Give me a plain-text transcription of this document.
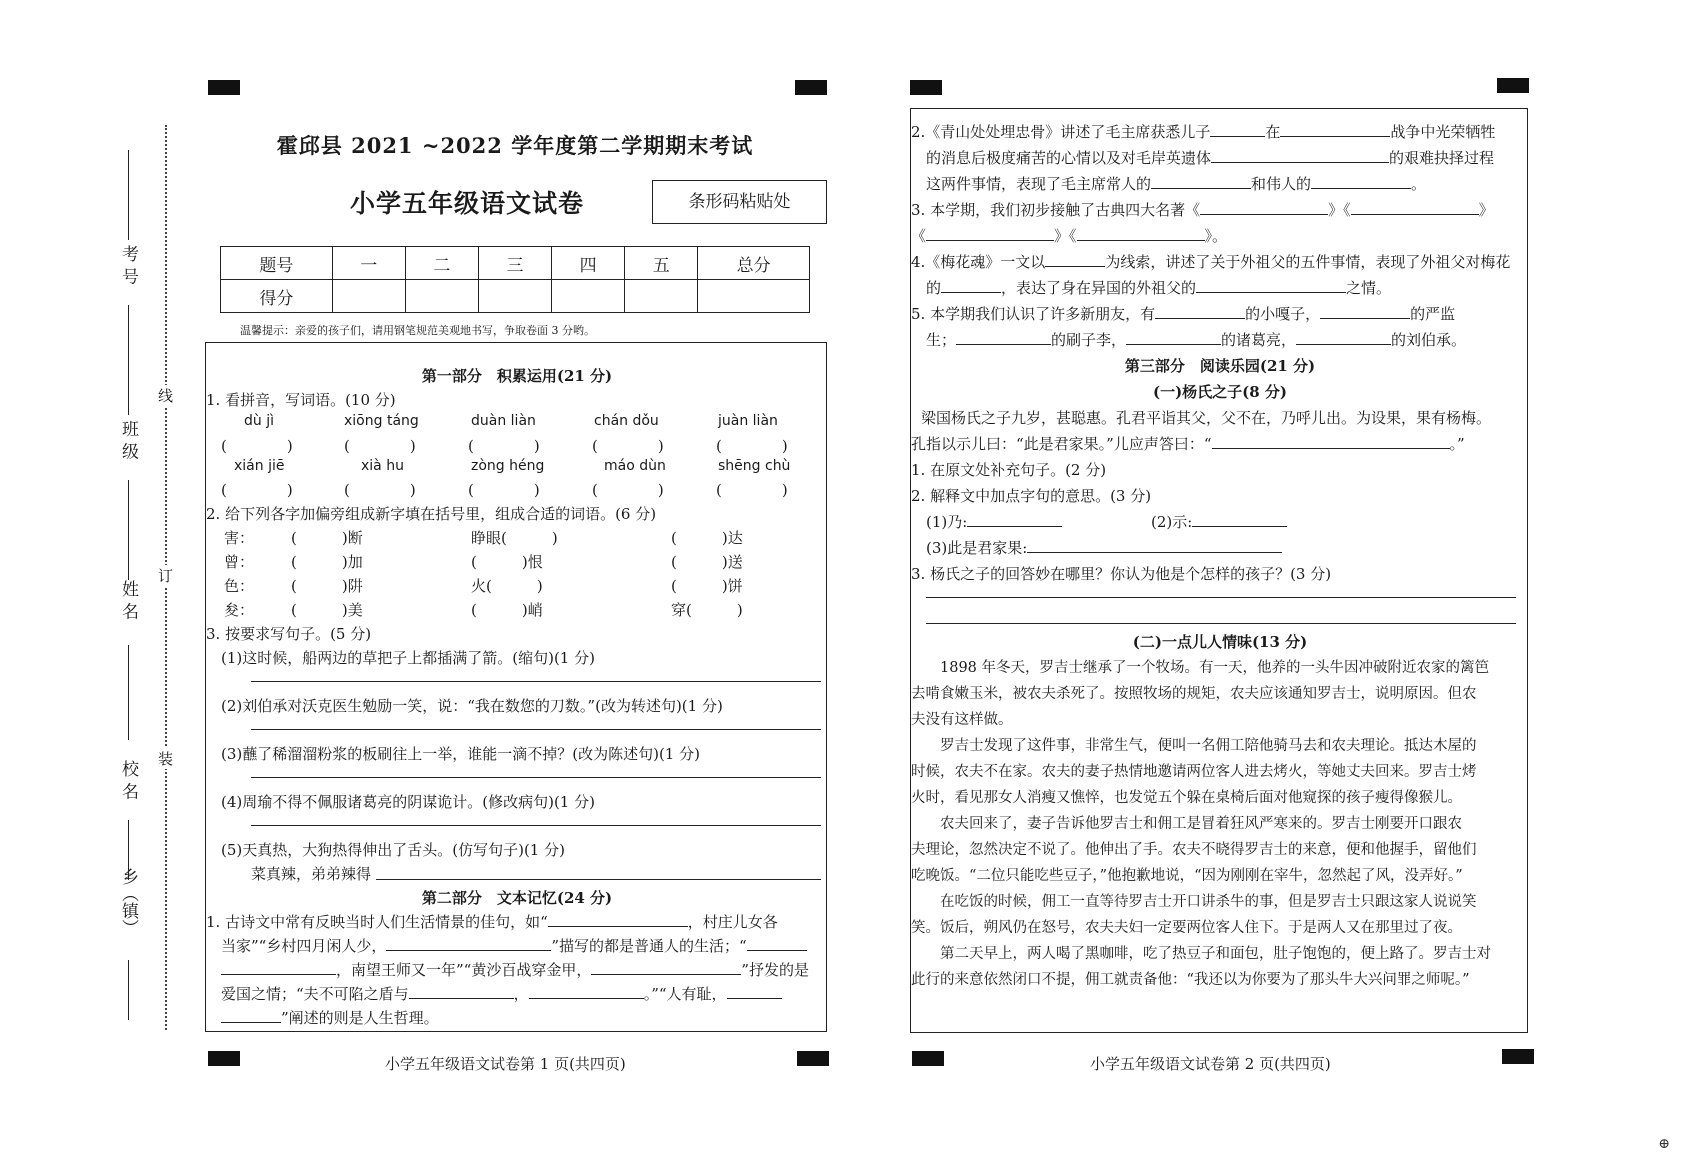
考 号
班 级
姓 名
校 名
乡（镇）
线
订
装
霍邱县 2021 ~2022 学年度第二学期期末考试
小学五年级语文试卷	条形码粘贴处
题号	一	二	三	四	五	总分
得分						
温馨提示：亲爱的孩子们，请用钢笔规范美观地书写，争取卷面 3 分哟。
第一部分　积累运用(21 分)
1. 看拼音，写词语。(10 分)
dù jì	xiōng táng	duàn liàn	chán dǒu	juàn liàn
(　　　　)	(　　　　)	(　　　　)	(　　　　)	(　　　　)
xián jiē	xià hu	zòng héng	máo dùn	shēng chù
(　　　　)	(　　　　)	(　　　　)	(　　　　)	(　　　　)
2. 给下列各字加偏旁组成新字填在括号里，组成合适的词语。(6 分)
害： (　　　)断	睁眼(　　　)	(　　　)达
曾： (　　　)加	(　　　)恨	(　　　)送
色： (　　　)阱	火(　　　)	(　　　)饼
夋： (　　　)美	(　　　)峭	穿(　　　)
3. 按要求写句子。(5 分)
(1)这时候，船两边的草把子上都插满了箭。(缩句)(1 分)
(2)刘伯承对沃克医生勉励一笑，说：“我在数您的刀数。”(改为转述句)(1 分)
(3)蘸了稀溜溜粉浆的板刷往上一举，谁能一滴不掉？(改为陈述句)(1 分)
(4)周瑜不得不佩服诸葛亮的阴谋诡计。(修改病句)(1 分)
(5)天真热，大狗热得伸出了舌头。(仿写句子)(1 分)
菜真辣，弟弟辣得
第二部分　文本记忆(24 分)
1. 古诗文中常有反映当时人们生活情景的佳句，如“	，村庄儿女各
当家”“乡村四月闲人少，	”描写的都是普通人的生活；“
，南望王师又一年”“黄沙百战穿金甲，	”抒发的是
爱国之情；“夫不可陷之盾与	，	。”“人有耻，
”阐述的则是人生哲理。
小学五年级语文试卷第 1 页(共四页)
2.《青山处处埋忠骨》讲述了毛主席获悉儿子	在	战争中光荣牺牲
的消息后极度痛苦的心情以及对毛岸英遗体	的艰难抉择过程
这两件事情，表现了毛主席常人的	和伟人的	。
3. 本学期，我们初步接触了古典四大名著《	》《	》
《	》《	》。
4.《梅花魂》一文以	为线索，讲述了关于外祖父的五件事情，表现了外祖父对梅花
的	，表达了身在异国的外祖父的	之情。
5. 本学期我们认识了许多新朋友，有	的小嘎子，	的严监
生；	的刷子李，	的诸葛亮，	的刘伯承。
第三部分　阅读乐园(21 分)
(一)杨氏之子(8 分)
梁国杨氏之子九岁，甚聪惠。孔君平诣其父，父不在，乃呼儿出。为设果，果有杨梅。
孔指以示儿曰：“此是君家果。”儿应声答曰：“	。”
1. 在原文处补充句子。(2 分)
2. 解释文中加点字句的意思。(3 分)
(1)乃:	(2)示:
(3)此是君家果:
3. 杨氏之子的回答妙在哪里？你认为他是个怎样的孩子？(3 分)
(二)一点儿人情味(13 分)
　　1898 年冬天，罗吉士继承了一个牧场。有一天，他养的一头牛因冲破附近农家的篱笆
去啃食嫩玉米，被农夫杀死了。按照牧场的规矩，农夫应该通知罗吉士，说明原因。但农
夫没有这样做。
　　罗吉士发现了这件事，非常生气，便叫一名佣工陪他骑马去和农夫理论。抵达木屋的
时候，农夫不在家。农夫的妻子热情地邀请两位客人进去烤火，等她丈夫回来。罗吉士烤
火时，看见那女人消瘦又憔悴，也发觉五个躲在桌椅后面对他窥探的孩子瘦得像猴儿。
　　农夫回来了，妻子告诉他罗吉士和佣工是冒着狂风严寒来的。罗吉士刚要开口跟农
夫理论，忽然决定不说了。他伸出了手。农夫不晓得罗吉士的来意，便和他握手，留他们
吃晚饭。“二位只能吃些豆子，”他抱歉地说，“因为刚刚在宰牛，忽然起了风，没弄好。”
　　在吃饭的时候，佣工一直等待罗吉士开口讲杀牛的事，但是罗吉士只跟这家人说说笑
笑。饭后，朔风仍在怒号，农夫夫妇一定要两位客人住下。于是两人又在那里过了夜。
　　第二天早上，两人喝了黑咖啡，吃了热豆子和面包，肚子饱饱的，便上路了。罗吉士对
此行的来意依然闭口不提，佣工就责备他：“我还以为你要为了那头牛大兴问罪之师呢。”
小学五年级语文试卷第 2 页(共四页)
⊕
